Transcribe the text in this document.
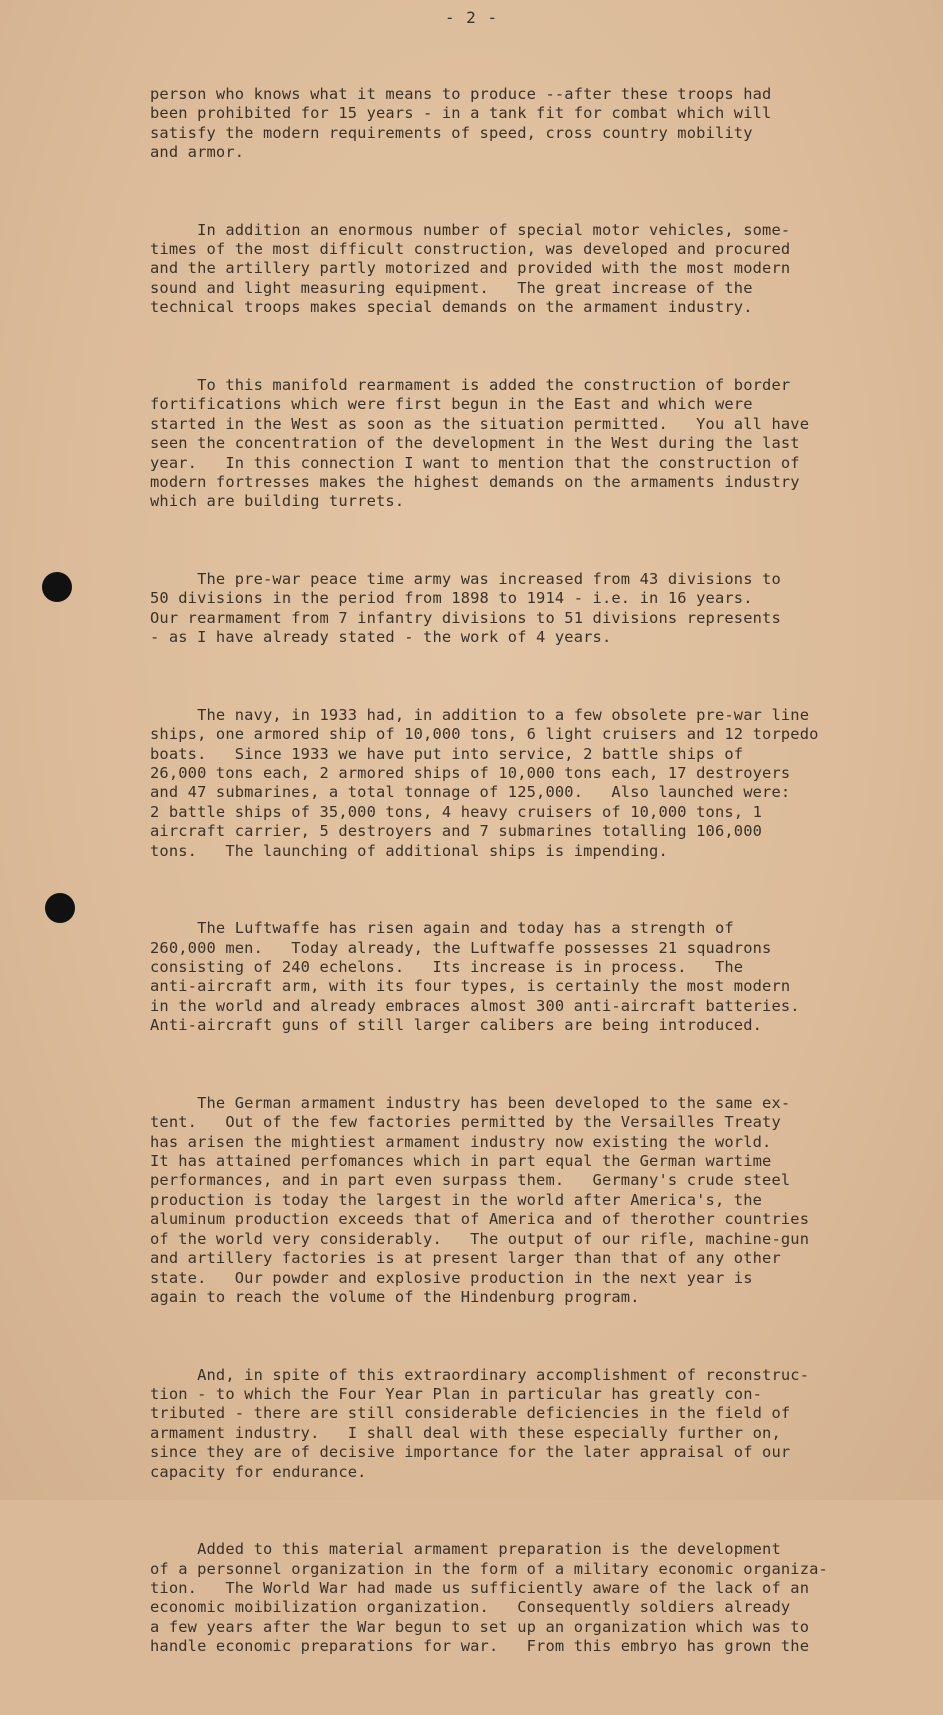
- 2 -

person who knows what it means to produce --after these troops had
been prohibited for 15 years - in a tank fit for combat which will
satisfy the modern requirements of speed, cross country mobility
and armor.

In addition an enormous number of special motor vehicles, some-
times of the most difficult construction, was developed and procured
and the artillery partly motorized and provided with the most modern
sound and light measuring equipment.   The great increase of the
technical troops makes special demands on the armament industry.

To this manifold rearmament is added the construction of border
fortifications which were first begun in the East and which were
started in the West as soon as the situation permitted.   You all have
seen the concentration of the development in the West during the last
year.   In this connection I want to mention that the construction of
modern fortresses makes the highest demands on the armaments industry
which are building turrets.

The pre-war peace time army was increased from 43 divisions to
50 divisions in the period from 1898 to 1914 - i.e. in 16 years.
Our rearmament from 7 infantry divisions to 51 divisions represents
- as I have already stated - the work of 4 years.

The navy, in 1933 had, in addition to a few obsolete pre-war line
ships, one armored ship of 10,000 tons, 6 light cruisers and 12 torpedo
boats.   Since 1933 we have put into service, 2 battle ships of
26,000 tons each, 2 armored ships of 10,000 tons each, 17 destroyers
and 47 submarines, a total tonnage of 125,000.   Also launched were:
2 battle ships of 35,000 tons, 4 heavy cruisers of 10,000 tons, 1
aircraft carrier, 5 destroyers and 7 submarines totalling 106,000
tons.   The launching of additional ships is impending.

The Luftwaffe has risen again and today has a strength of
260,000 men.   Today already, the Luftwaffe possesses 21 squadrons
consisting of 240 echelons.   Its increase is in process.   The
anti-aircraft arm, with its four types, is certainly the most modern
in the world and already embraces almost 300 anti-aircraft batteries.
Anti-aircraft guns of still larger calibers are being introduced.

The German armament industry has been developed to the same ex-
tent.   Out of the few factories permitted by the Versailles Treaty
has arisen the mightiest armament industry now existing the world.
It has attained perfomances which in part equal the German wartime
performances, and in part even surpass them.   Germany's crude steel
production is today the largest in the world after America's, the
aluminum production exceeds that of America and of therother countries
of the world very considerably.   The output of our rifle, machine-gun
and artillery factories is at present larger than that of any other
state.   Our powder and explosive production in the next year is
again to reach the volume of the Hindenburg program.

And, in spite of this extraordinary accomplishment of reconstruc-
tion - to which the Four Year Plan in particular has greatly con-
tributed - there are still considerable deficiencies in the field of
armament industry.   I shall deal with these especially further on,
since they are of decisive importance for the later appraisal of our
capacity for endurance.

Added to this material armament preparation is the development
of a personnel organization in the form of a military economic organiza-
tion.   The World War had made us sufficiently aware of the lack of an
economic moibilization organization.   Consequently soldiers already
a few years after the War begun to set up an organization which was to
handle economic preparations for war.   From this embryo has grown the
